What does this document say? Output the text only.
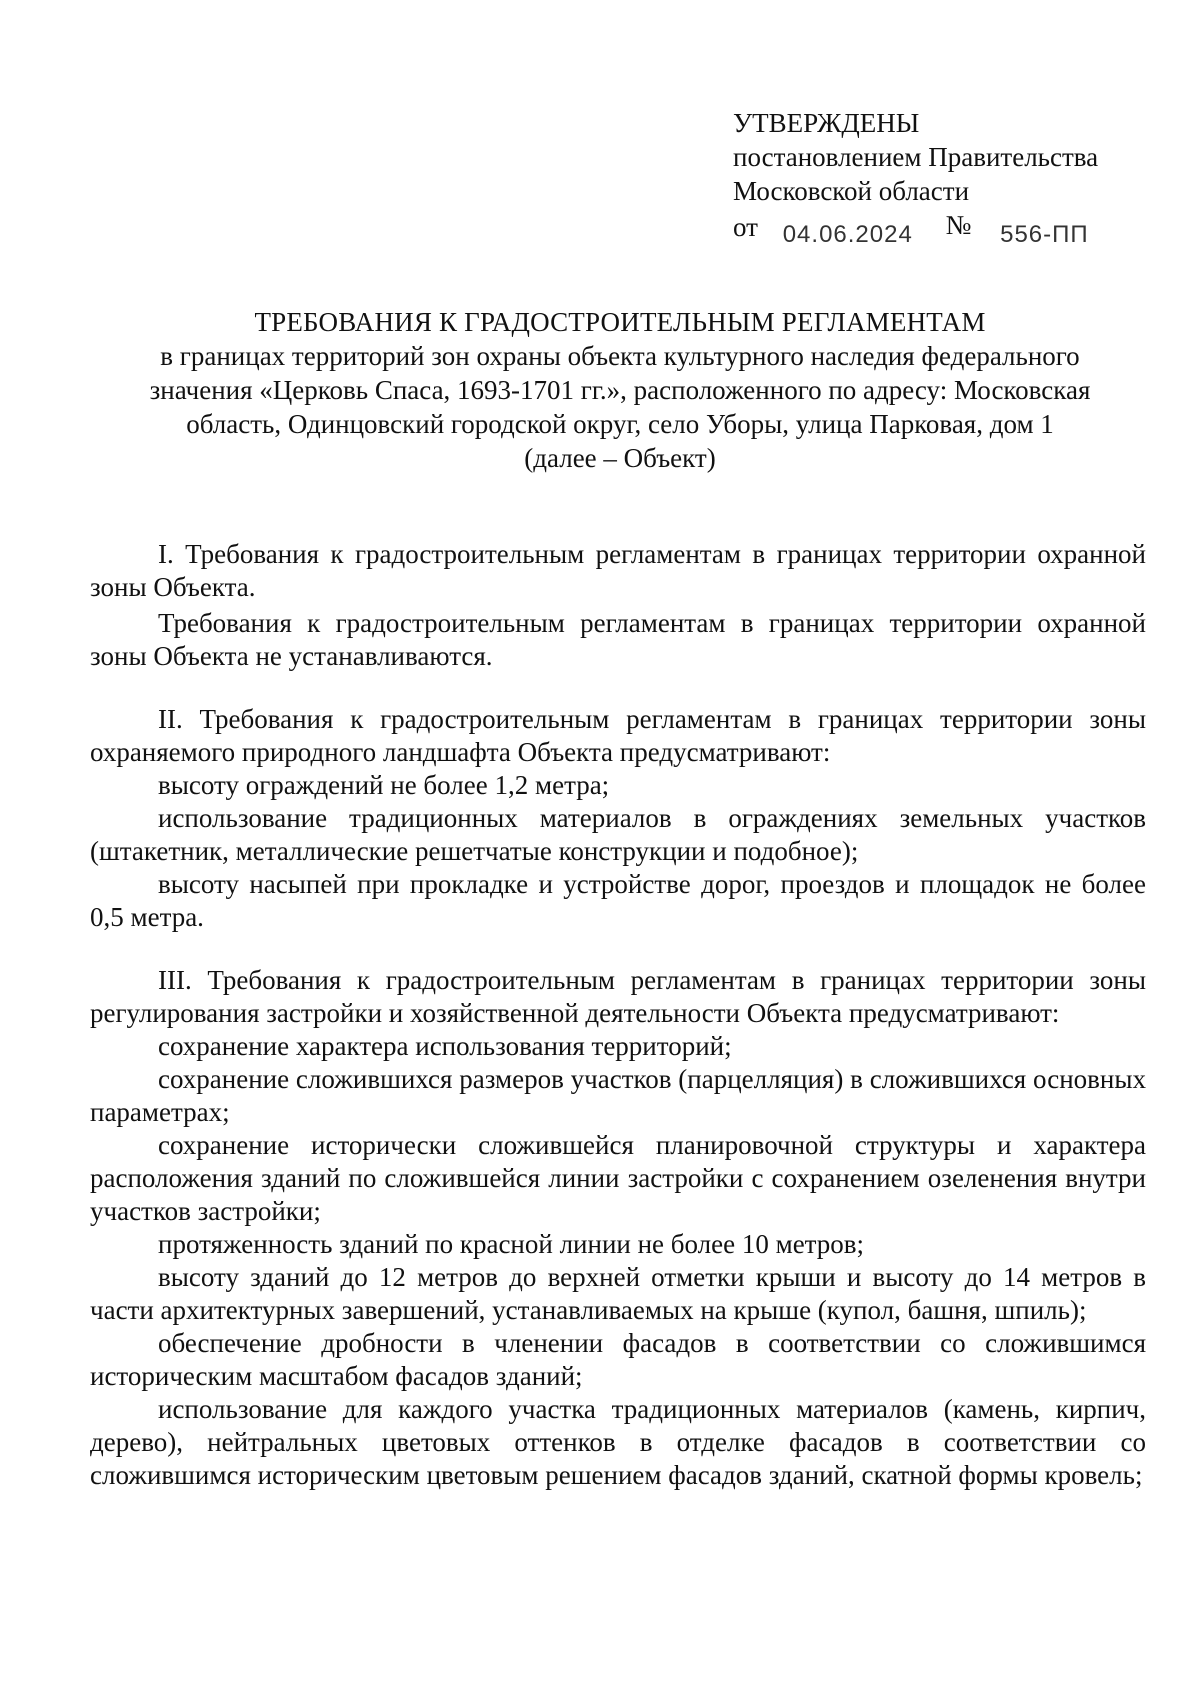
УТВЕРЖДЕНЫ
постановлением Правительства
Московской области
от 04.06.2024 № 556-ПП
ТРЕБОВАНИЯ К ГРАДОСТРОИТЕЛЬНЫМ РЕГЛАМЕНТАМ
в границах территорий зон охраны объекта культурного наследия федерального
значения «Церковь Спаса, 1693-1701 гг.», расположенного по адресу: Московская
область, Одинцовский городской округ, село Уборы, улица Парковая, дом 1
(далее – Объект)

I. Требования к градостроительным регламентам в границах территории охранной зоны Объекта.

Требования к градостроительным регламентам в границах территории охранной зоны Объекта не устанавливаются.

II. Требования к градостроительным регламентам в границах территории зоны охраняемого природного ландшафта Объекта предусматривают:

высоту ограждений не более 1,2 метра;

использование традиционных материалов в ограждениях земельных участков (штакетник, металлические решетчатые конструкции и подобное);

высоту насыпей при прокладке и устройстве дорог, проездов и площадок не более 0,5 метра.

III. Требования к градостроительным регламентам в границах территории зоны регулирования застройки и хозяйственной деятельности Объекта предусматривают:

сохранение характера использования территорий;

сохранение сложившихся размеров участков (парцелляция) в сложившихся основных параметрах;

сохранение исторически сложившейся планировочной структуры и характера расположения зданий по сложившейся линии застройки с сохранением озеленения внутри участков застройки;

протяженность зданий по красной линии не более 10 метров;

высоту зданий до 12 метров до верхней отметки крыши и высоту до 14 метров в части архитектурных завершений, устанавливаемых на крыше (купол, башня, шпиль);

обеспечение дробности в членении фасадов в соответствии со сложившимся историческим масштабом фасадов зданий;

использование для каждого участка традиционных материалов (камень, кирпич, дерево), нейтральных цветовых оттенков в отделке фасадов в соответствии со сложившимся историческим цветовым решением фасадов зданий, скатной формы кровель;
